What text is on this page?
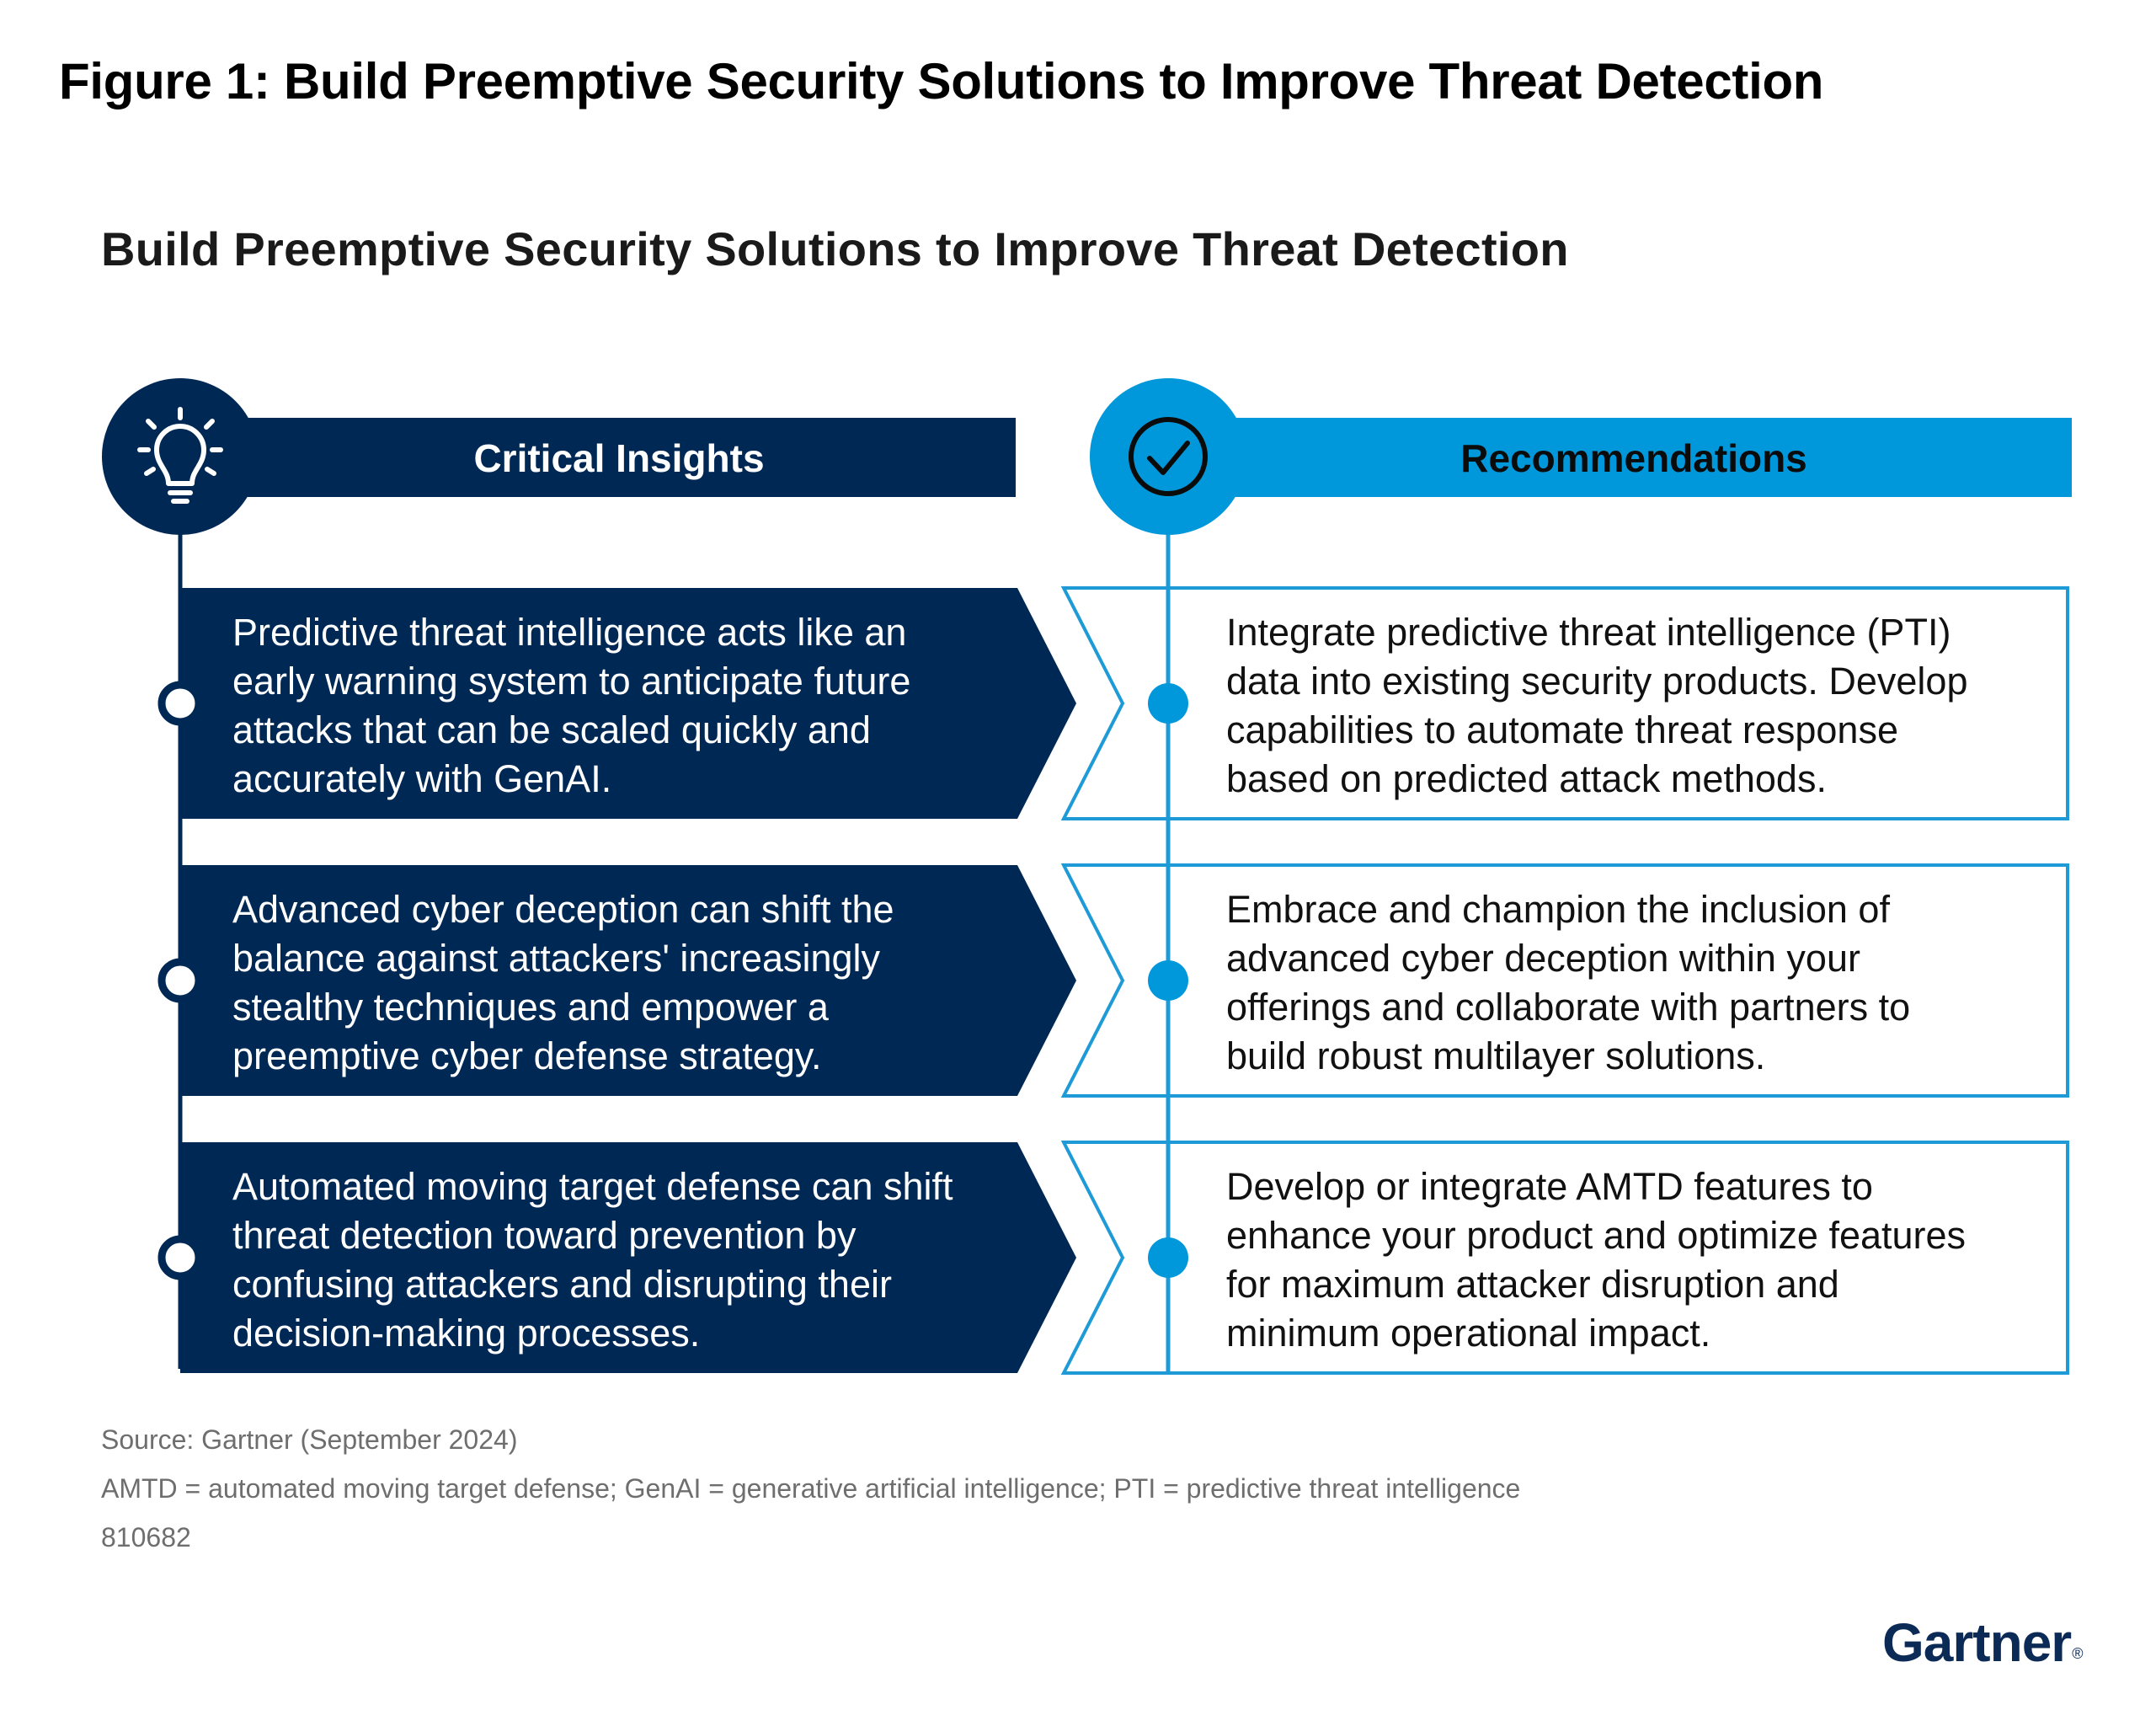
Figure 1: Build Preemptive Security Solutions to Improve Threat Detection
Build Preemptive Security Solutions to Improve Threat Detection
Critical Insights	Recommendations
Predictive threat intelligence acts like an
early warning system to anticipate future
attacks that can be scaled quickly and
accurately with GenAI.
Advanced cyber deception can shift the
balance against attackers' increasingly
stealthy techniques and empower a
preemptive cyber defense strategy.
Automated moving target defense can shift
threat detection toward prevention by
confusing attackers and disrupting their
decision-making processes.
Integrate predictive threat intelligence (PTI)
data into existing security products. Develop
capabilities to automate threat response
based on predicted attack methods.
Embrace and champion the inclusion of
advanced cyber deception within your
offerings and collaborate with partners to
build robust multilayer solutions.
Develop or integrate AMTD features to
enhance your product and optimize features
for maximum attacker disruption and
minimum operational impact.
Source: Gartner (September 2024)
AMTD = automated moving target defense; GenAI = generative artificial intelligence; PTI = predictive threat intelligence
810682
Gartner®
